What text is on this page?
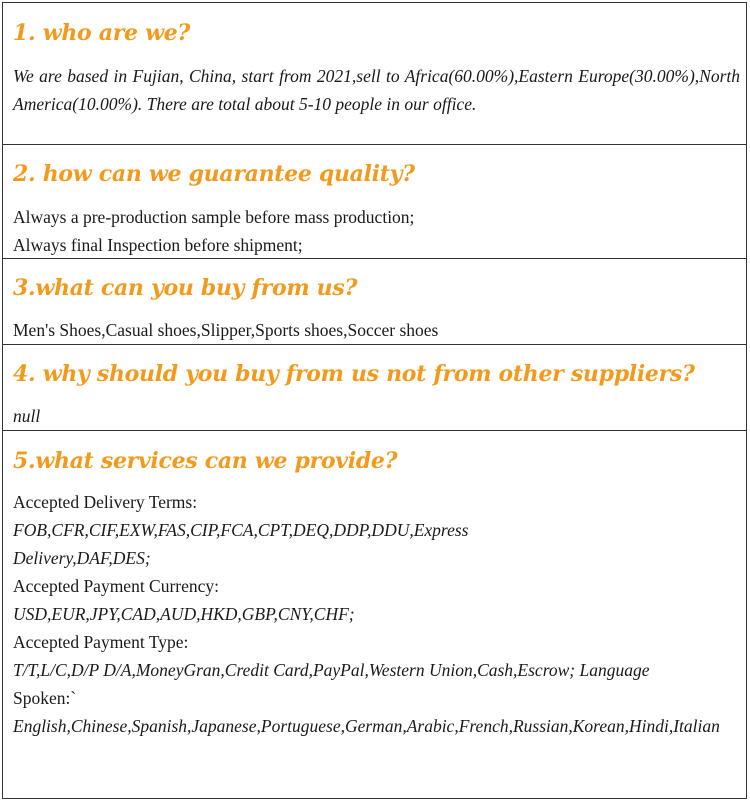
1. who are we?
We are based in Fujian, China, start from 2021,sell to Africa(60.00%),Eastern Europe(30.00%),North America(10.00%). There are total about 5-10 people in our office.
2. how can we guarantee quality?
Always a pre-production sample before mass production;
Always final Inspection before shipment;
3.what can you buy from us?
Men's Shoes,Casual shoes,Slipper,Sports shoes,Soccer shoes
4. why should you buy from us not from other suppliers?
null
5.what services can we provide?
Accepted Delivery Terms:
FOB,CFR,CIF,EXW,FAS,CIP,FCA,CPT,DEQ,DDP,DDU,Express Delivery,DAF,DES;
Accepted Payment Currency:
USD,EUR,JPY,CAD,AUD,HKD,GBP,CNY,CHF;
Accepted Payment Type:
T/T,L/C,D/P D/A,MoneyGran,Credit Card,PayPal,Western Union,Cash,Escrow; Language
Spoken:`
English,Chinese,Spanish,Japanese,Portuguese,German,Arabic,French,Russian,Korean,Hindi,Italian
